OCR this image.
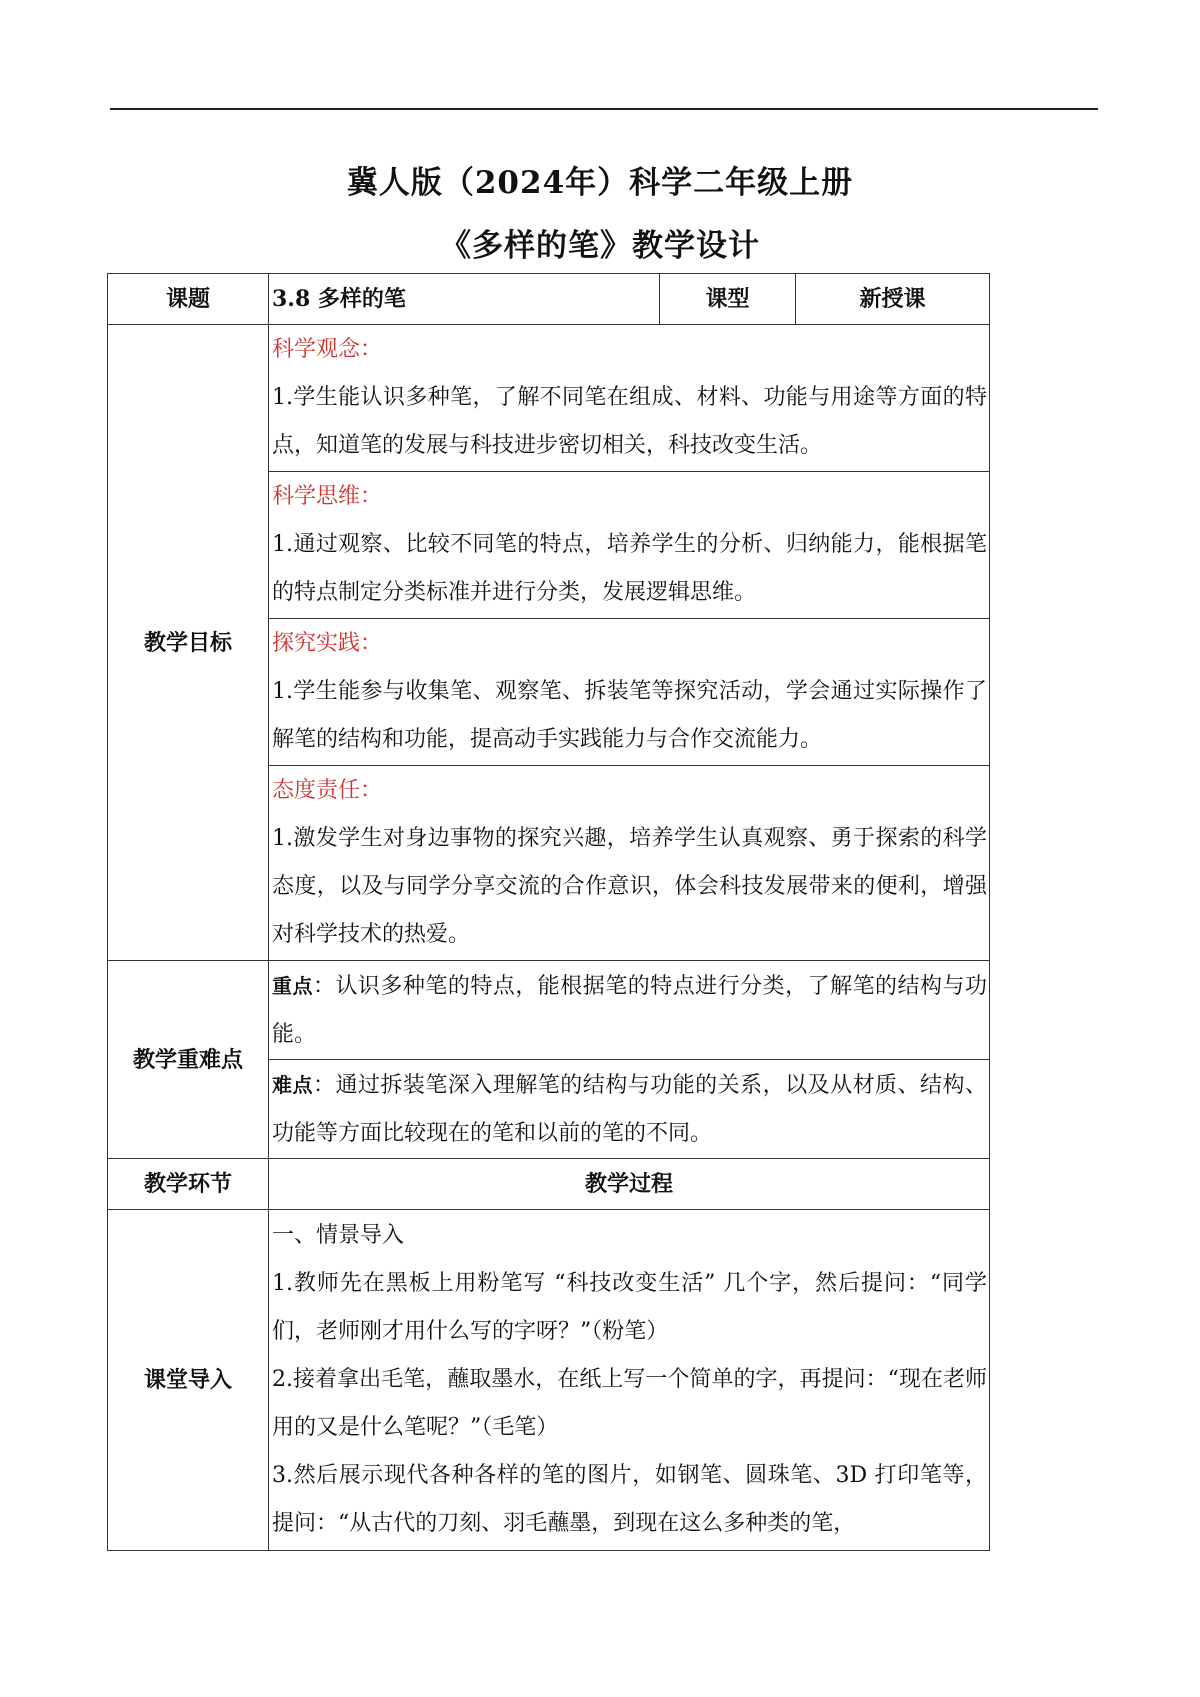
冀人版（2024年）科学二年级上册
《多样的笔》教学设计
课题	3.8 多样的笔	课型	新授课
教学目标	科学观念：
1.学生能认识多种笔，了解不同笔在组成、材料、功能与用途等方面的特点，知道笔的发展与科技进步密切相关，科技改变生活。		

	科学思维：
1.通过观察、比较不同笔的特点，培养学生的分析、归纳能力，能根据笔的特点制定分类标准并进行分类，发展逻辑思维。		

	探究实践：
1.学生能参与收集笔、观察笔、拆装笔等探究活动，学会通过实际操作了解笔的结构和功能，提高动手实践能力与合作交流能力。		

	态度责任：
1.激发学生对身边事物的探究兴趣，培养学生认真观察、勇于探索的科学态度，以及与同学分享交流的合作意识，体会科技发展带来的便利，增强对科学技术的热爱。		

教学重难点	重点：认识多种笔的特点，能根据笔的特点进行分类，了解笔的结构与功能。		
	难点：通过拆装笔深入理解笔的结构与功能的关系，以及从材质、结构、功能等方面比较现在的笔和以前的笔的不同。		
教学环节	教学过程		
课堂导入	一、情景导入
1.教师先在黑板上用粉笔写 “科技改变生活” 几个字，然后提问：“同学们，老师刚才用什么写的字呀？”（粉笔）
2.接着拿出毛笔，蘸取墨水，在纸上写一个简单的字，再提问：“现在老师用的又是什么笔呢？”（毛笔）
3.然后展示现代各种各样的笔的图片，如钢笔、圆珠笔、3D 打印笔等，提问：“从古代的刀刻、羽毛蘸墨，到现在这么多种类的笔，		
